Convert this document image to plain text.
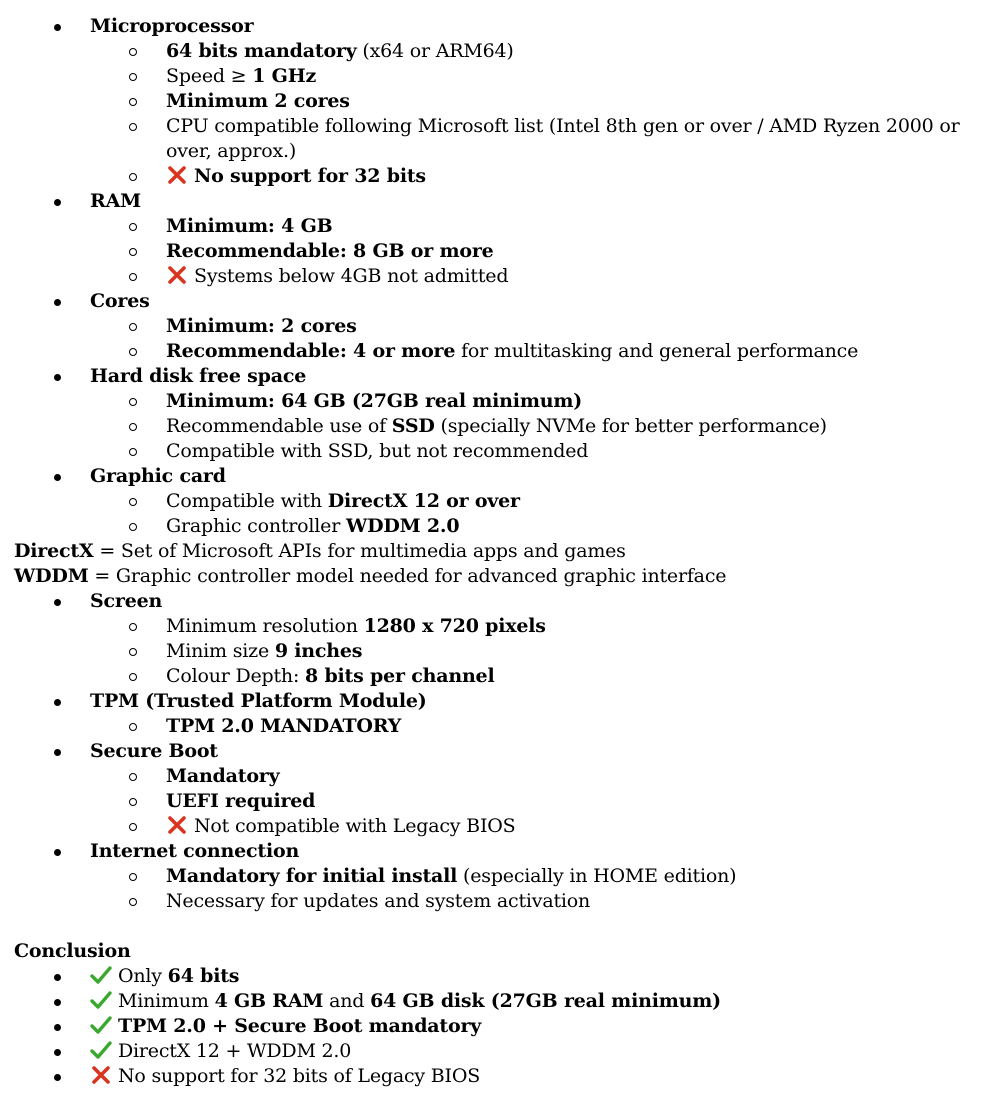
Microprocessor
64 bits mandatory (x64 or ARM64)
Speed ≥ 1 GHz
Minimum 2 cores
CPU compatible following Microsoft list (Intel 8th gen or over / AMD Ryzen 2000 or
over, approx.)
No support for 32 bits
RAM
Minimum: 4 GB
Recommendable: 8 GB or more
Systems below 4GB not admitted
Cores
Minimum: 2 cores
Recommendable: 4 or more for multitasking and general performance
Hard disk free space
Minimum: 64 GB (27GB real minimum)
Recommendable use of SSD (specially NVMe for better performance)
Compatible with SSD, but not recommended
Graphic card
Compatible with DirectX 12 or over
Graphic controller WDDM 2.0
DirectX = Set of Microsoft APIs for multimedia apps and games
WDDM = Graphic controller model needed for advanced graphic interface
Screen
Minimum resolution 1280 x 720 pixels
Minim size 9 inches
Colour Depth: 8 bits per channel
TPM (Trusted Platform Module)
TPM 2.0 MANDATORY
Secure Boot
Mandatory
UEFI required
Not compatible with Legacy BIOS
Internet connection
Mandatory for initial install (especially in HOME edition)
Necessary for updates and system activation
Conclusion
Only 64 bits
Minimum 4 GB RAM and 64 GB disk (27GB real minimum)
TPM 2.0 + Secure Boot mandatory
DirectX 12 + WDDM 2.0
No support for 32 bits of Legacy BIOS
